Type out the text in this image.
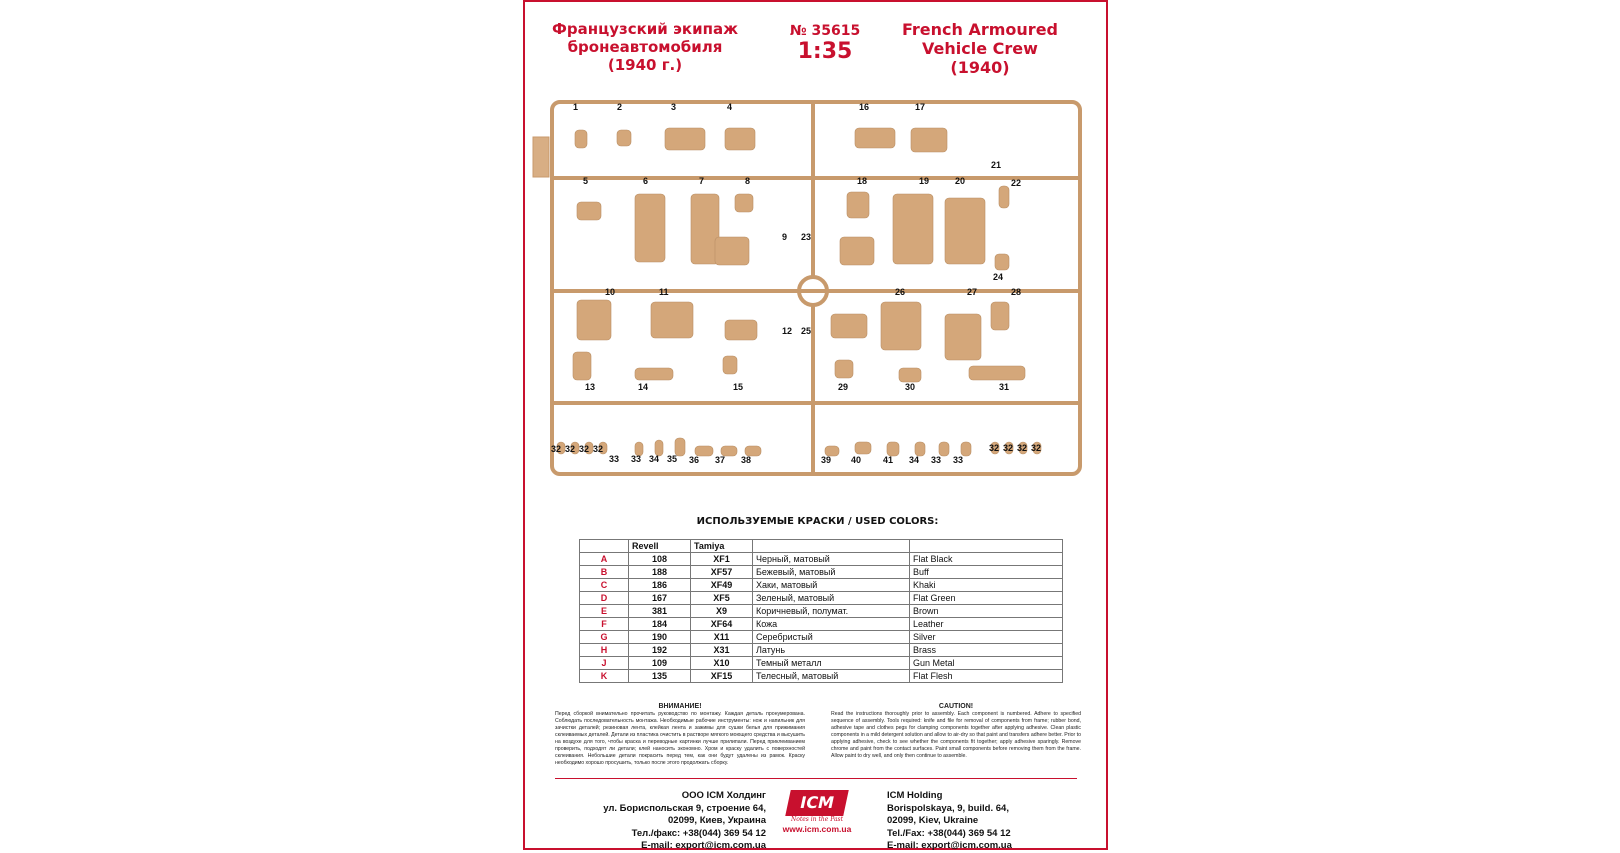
Французский экипаж
бронеавтомобиля
(1940 г.)
№ 35615
1:35
French Armoured
Vehicle Crew
(1940)
1	2	3	4	16	17
21
22
5	6	7	8	18	19	20
9 23
24
10	11	26	27	28
12 25
13	14	15	29	30	31
32 32 32 32
33 33 34 35 36 37 38	39 40 41 34 33 33
32 32 32 32
ИСПОЛЬЗУЕМЫЕ КРАСКИ / USED COLORS:
	Revell	Tamiya		
A	108	XF1	Черный, матовый	Flat Black
B	188	XF57	Бежевый, матовый	Buff
C	186	XF49	Хаки, матовый	Khaki
D	167	XF5	Зеленый, матовый	Flat Green
E	381	X9	Коричневый, полумат.	Brown
F	184	XF64	Кожа	Leather
G	190	X11	Серебристый	Silver
H	192	X31	Латунь	Brass
J	109	X10	Темный металл	Gun Metal
K	135	XF15	Телесный, матовый	Flat Flesh
ВНИМАНИЕ!
Перед сборкой внимательно прочитать руководство по монтажу. Каждая деталь пронумерована. Соблюдать последовательность монтажа. Необходимые рабочие инструменты: нож и напильник для зачистки деталей; резиновая лента, клейкая лента и зажимы для сушки белья для прижимания склеиваемых деталей. Детали из пластика очистить в растворе мягкого моющего средства и высушить на воздухе для того, чтобы краска и переводные картинки лучше прилипали. Перед приклеиванием проверить, подходят ли детали; клей наносить экономно. Хром и краску удалить с поверхностей склеивания. Небольшие детали покрасить перед тем, как они будут удалены из рамок. Краску необходимо хорошо просушить, только после этого продолжать сборку.
CAUTION!
Read the instructions thoroughly prior to assembly. Each component is numbered. Adhere to specified sequence of assembly. Tools required: knife and file for removal of components from frame; rubber bond, adhesive tape and clothes pegs for clamping components together after applying adhesive. Clean plastic components in a mild detergent solution and allow to air-dry so that paint and transfers adhere better. Prior to applying adhesive, check to see whether the components fit together; apply adhesive sparingly. Remove chrome and paint from the contact surfaces. Paint small components before removing them from the frame. Allow paint to dry well, and only then continue to assemble.
ООО ICM Холдинг
ул. Бориспольская 9, строение 64,
02099, Киев, Украина
Тел./факс: +38(044) 369 54 12
E-mail: export@icm.com.ua
ICM
Notes in the Past
www.icm.com.ua
ICM Holding
Borispolskaya, 9, build. 64,
02099, Kiev, Ukraine
Tel./Fax: +38(044) 369 54 12
E-mail: export@icm.com.ua
